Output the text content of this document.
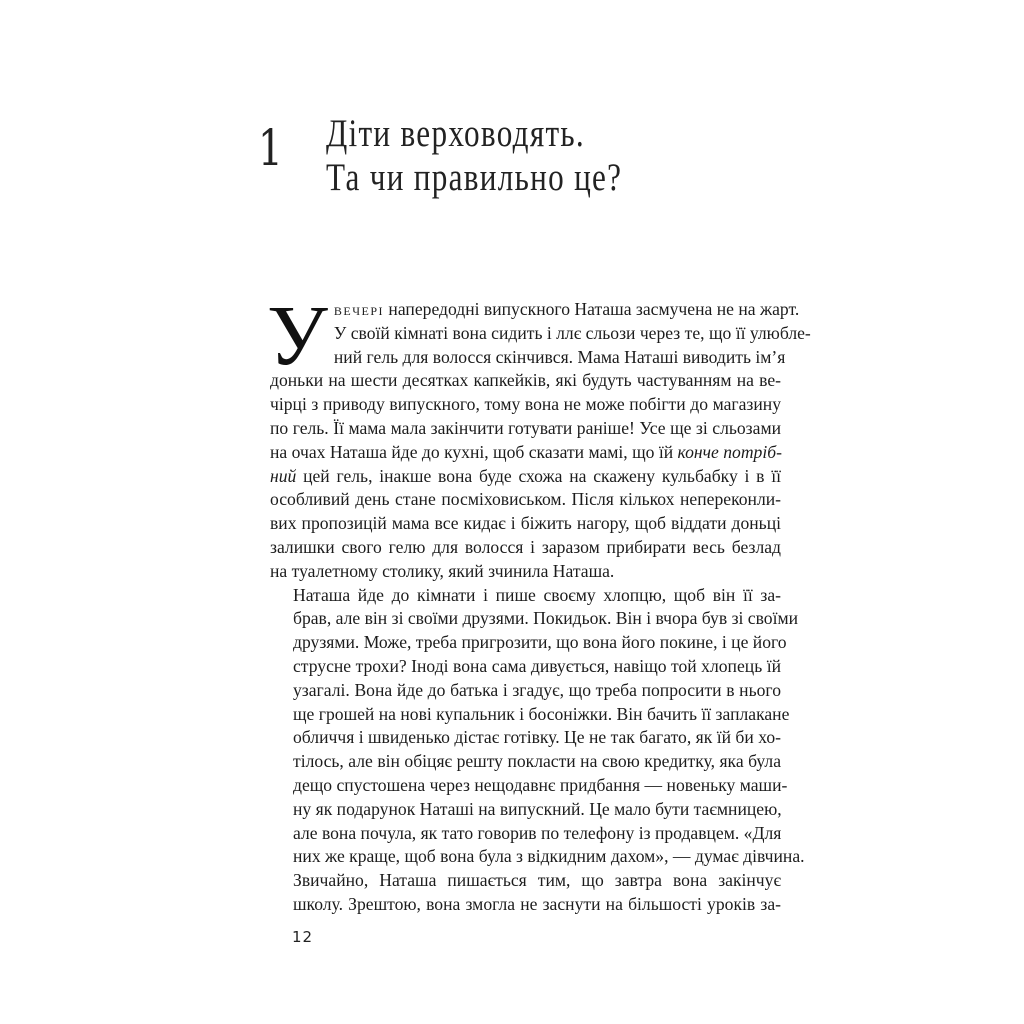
1 Діти верховодять.
Та чи правильно це?

У вечері напередодні випускного Наташа засмучена не на жарт.
У своїй кімнаті вона сидить і ллє сльози через те, що її улюбле-
ний гель для волосся скінчився. Мама Наташі виводить ім’я
доньки на шести десятках капкейків, які будуть частуванням на ве-
чірці з приводу випускного, тому вона не може побігти до магазину
по гель. Її мама мала закінчити готувати раніше! Усе ще зі сльозами
на очах Наташа йде до кухні, щоб сказати мамі, що їй конче потріб-
ний цей гель, інакше вона буде схожа на скажену кульбабку і в її
особливий день стане посміховиськом. Після кількох непереконли-
вих пропозицій мама все кидає і біжить нагору, щоб віддати доньці
залишки свого гелю для волосся і заразом прибирати весь безлад
на туалетному столику, який зчинила Наташа.

Наташа йде до кімнати і пише своєму хлопцю, щоб він її за-
брав, але він зі своїми друзями. Покидьок. Він і вчора був зі своїми
друзями. Може, треба пригрозити, що вона його покине, і це його
струсне трохи? Іноді вона сама дивується, навіщо той хлопець їй
узагалі. Вона йде до батька і згадує, що треба попросити в нього
ще грошей на нові купальник і босоніжки. Він бачить її заплакане
обличчя і швиденько дістає готівку. Це не так багато, як їй би хо-
тілось, але він обіцяє решту покласти на свою кредитку, яка була
дещо спустошена через нещодавнє придбання — новеньку маши-
ну як подарунок Наташі на випускний. Це мало бути таємницею,
але вона почула, як тато говорив по телефону із продавцем. «Для
них же краще, щоб вона була з відкидним дахом», — думає дівчина.

Звичайно, Наташа пишається тим, що завтра вона закінчує
школу. Зрештою, вона змогла не заснути на більшості уроків за-

12
